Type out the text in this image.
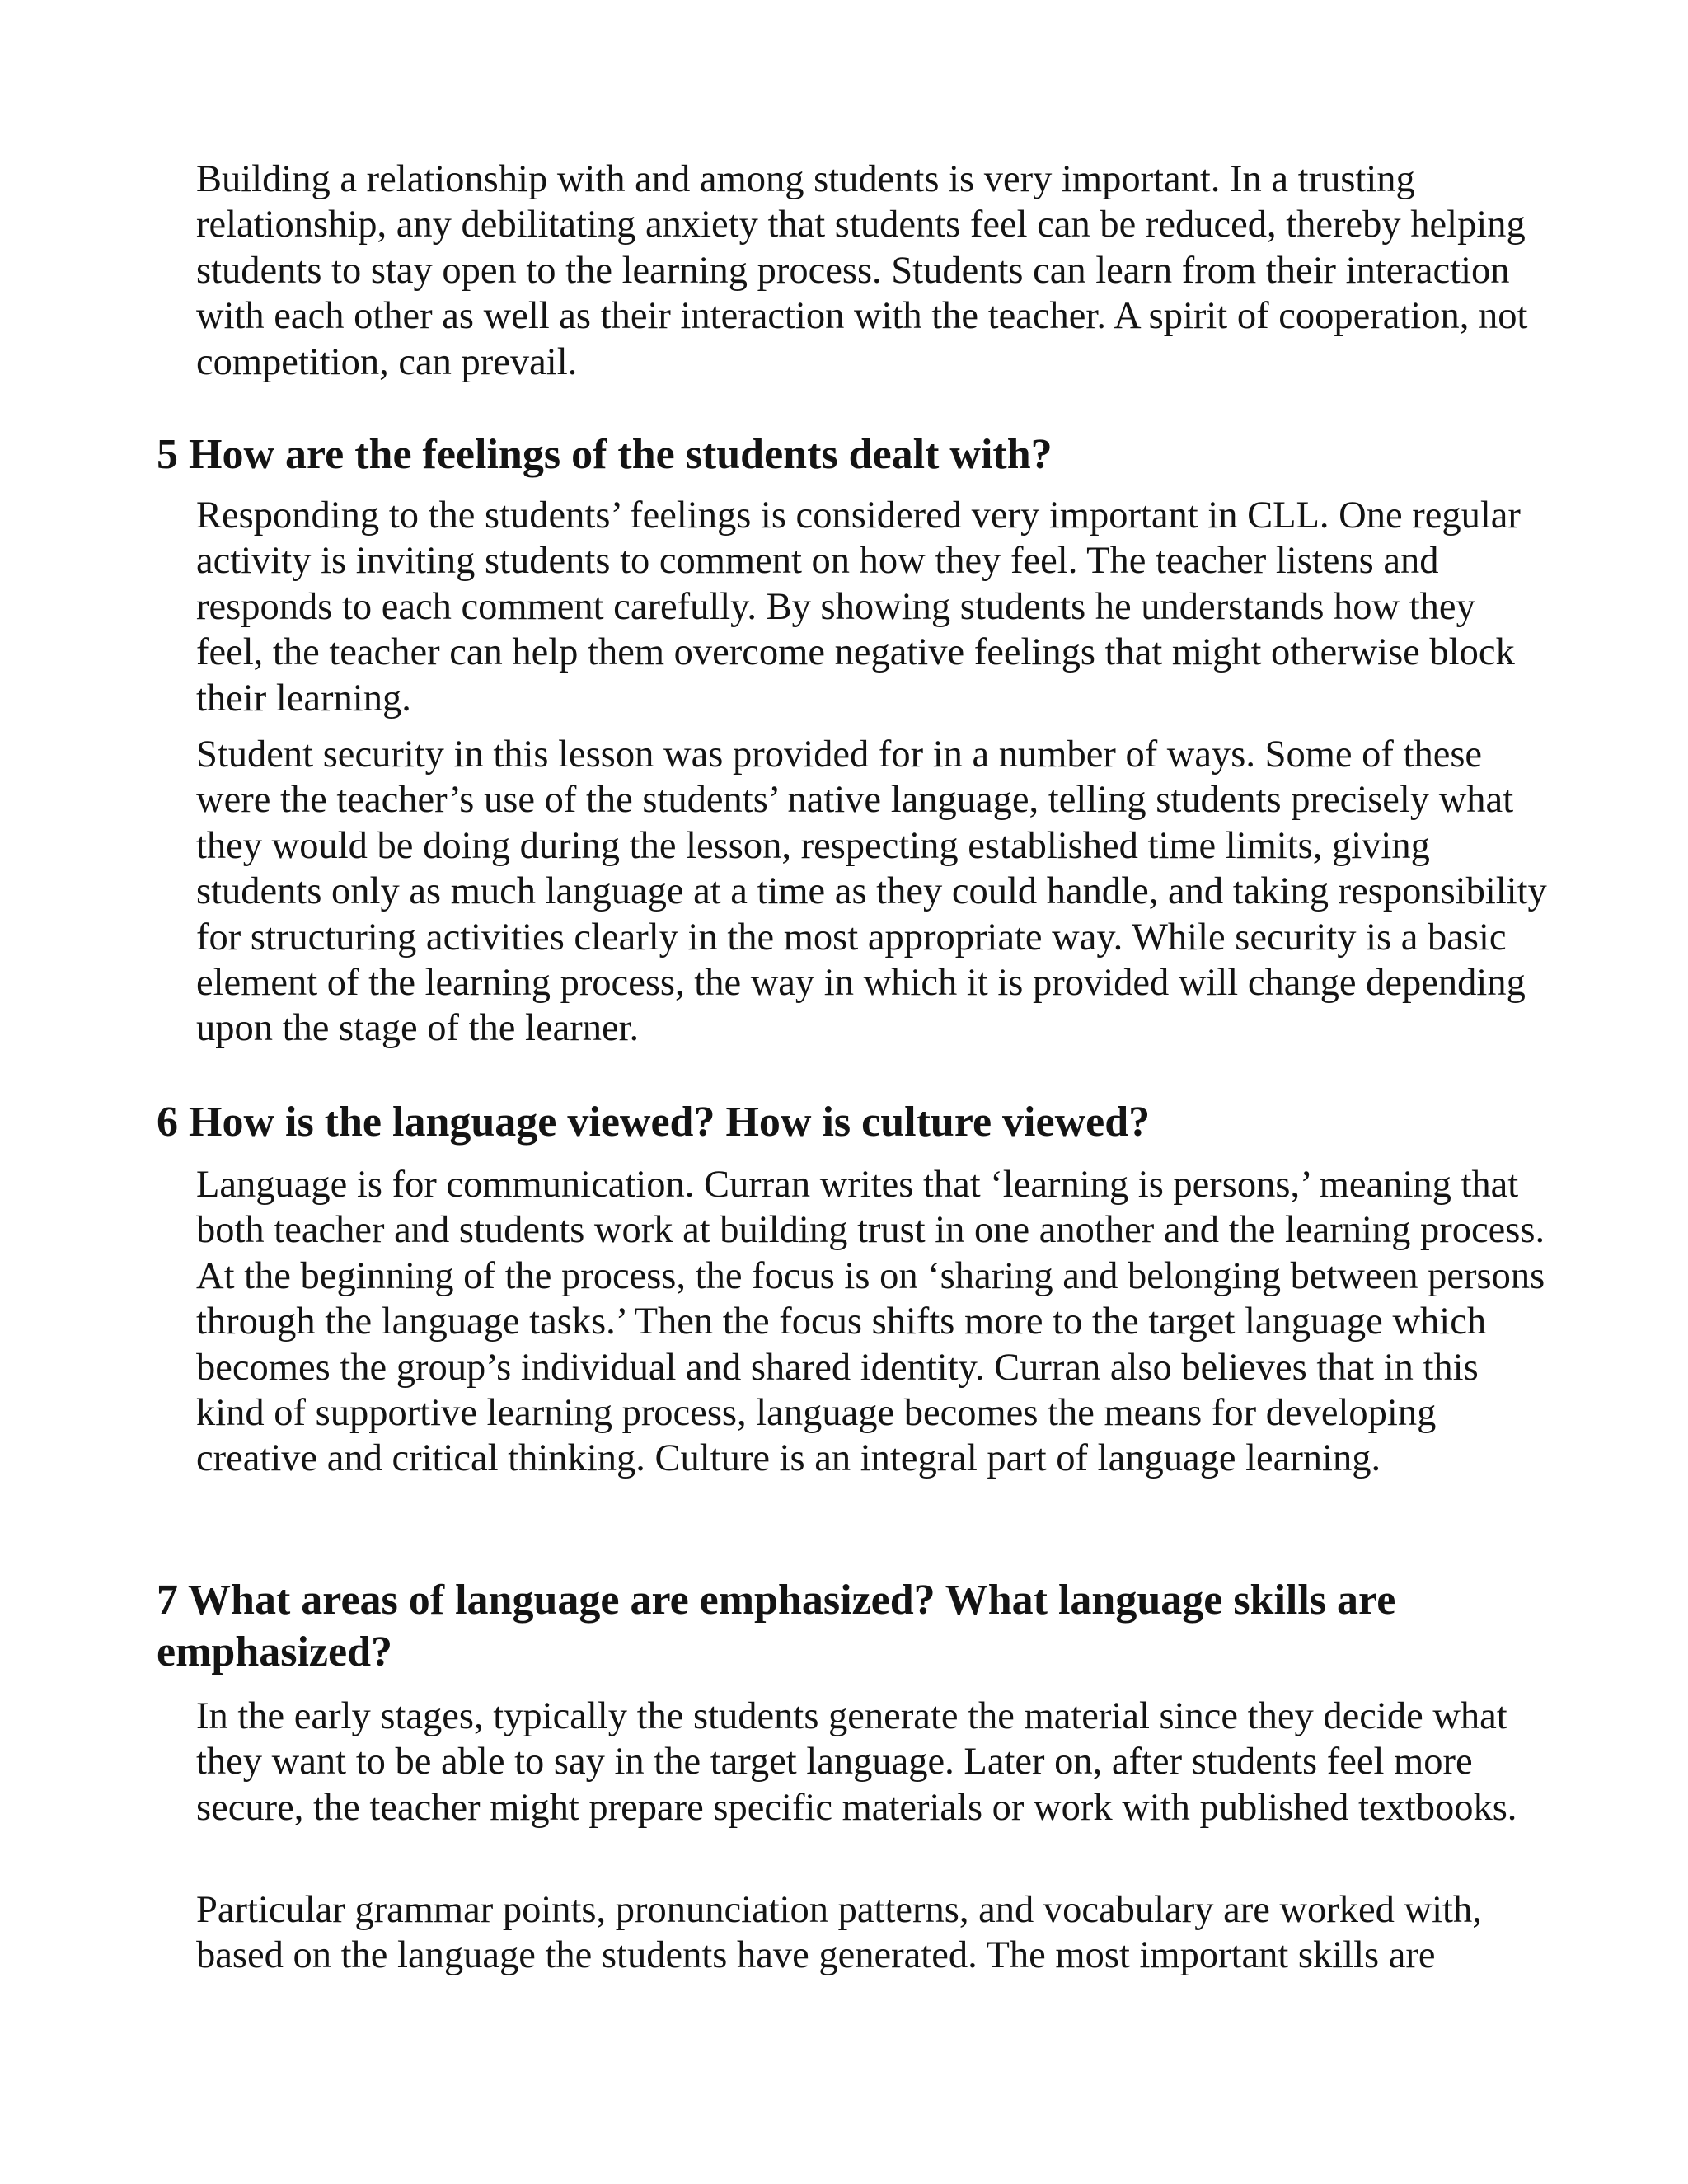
Building a relationship with and among students is very important. In a trusting relationship, any debilitating anxiety that students feel can be reduced, thereby helping students to stay open to the learning process. Students can learn from their interaction with each other as well as their interaction with the teacher. A spirit of cooperation, not competition, can prevail.

5 How are the feelings of the students dealt with?

Responding to the students’ feelings is considered very important in CLL. One regular activity is inviting students to comment on how they feel. The teacher listens and responds to each comment carefully. By showing students he understands how they feel, the teacher can help them overcome negative feelings that might otherwise block their learning.

Student security in this lesson was provided for in a number of ways. Some of these were the teacher’s use of the students’ native language, telling students precisely what they would be doing during the lesson, respecting established time limits, giving students only as much language at a time as they could handle, and taking responsibility for structuring activities clearly in the most appropriate way. While security is a basic element of the learning process, the way in which it is provided will change depending upon the stage of the learner.

6 How is the language viewed? How is culture viewed?

Language is for communication. Curran writes that ‘learning is persons,’ meaning that both teacher and students work at building trust in one another and the learning process. At the beginning of the process, the focus is on ‘sharing and belonging between persons through the language tasks.’ Then the focus shifts more to the target language which becomes the group’s individual and shared identity. Curran also believes that in this kind of supportive learning process, language becomes the means for developing creative and critical thinking. Culture is an integral part of language learning.

7 What areas of language are emphasized? What language skills are emphasized?

In the early stages, typically the students generate the material since they decide what they want to be able to say in the target language. Later on, after students feel more secure, the teacher might prepare specific materials or work with published textbooks.

Particular grammar points, pronunciation patterns, and vocabulary are worked with, based on the language the students have generated. The most important skills are
